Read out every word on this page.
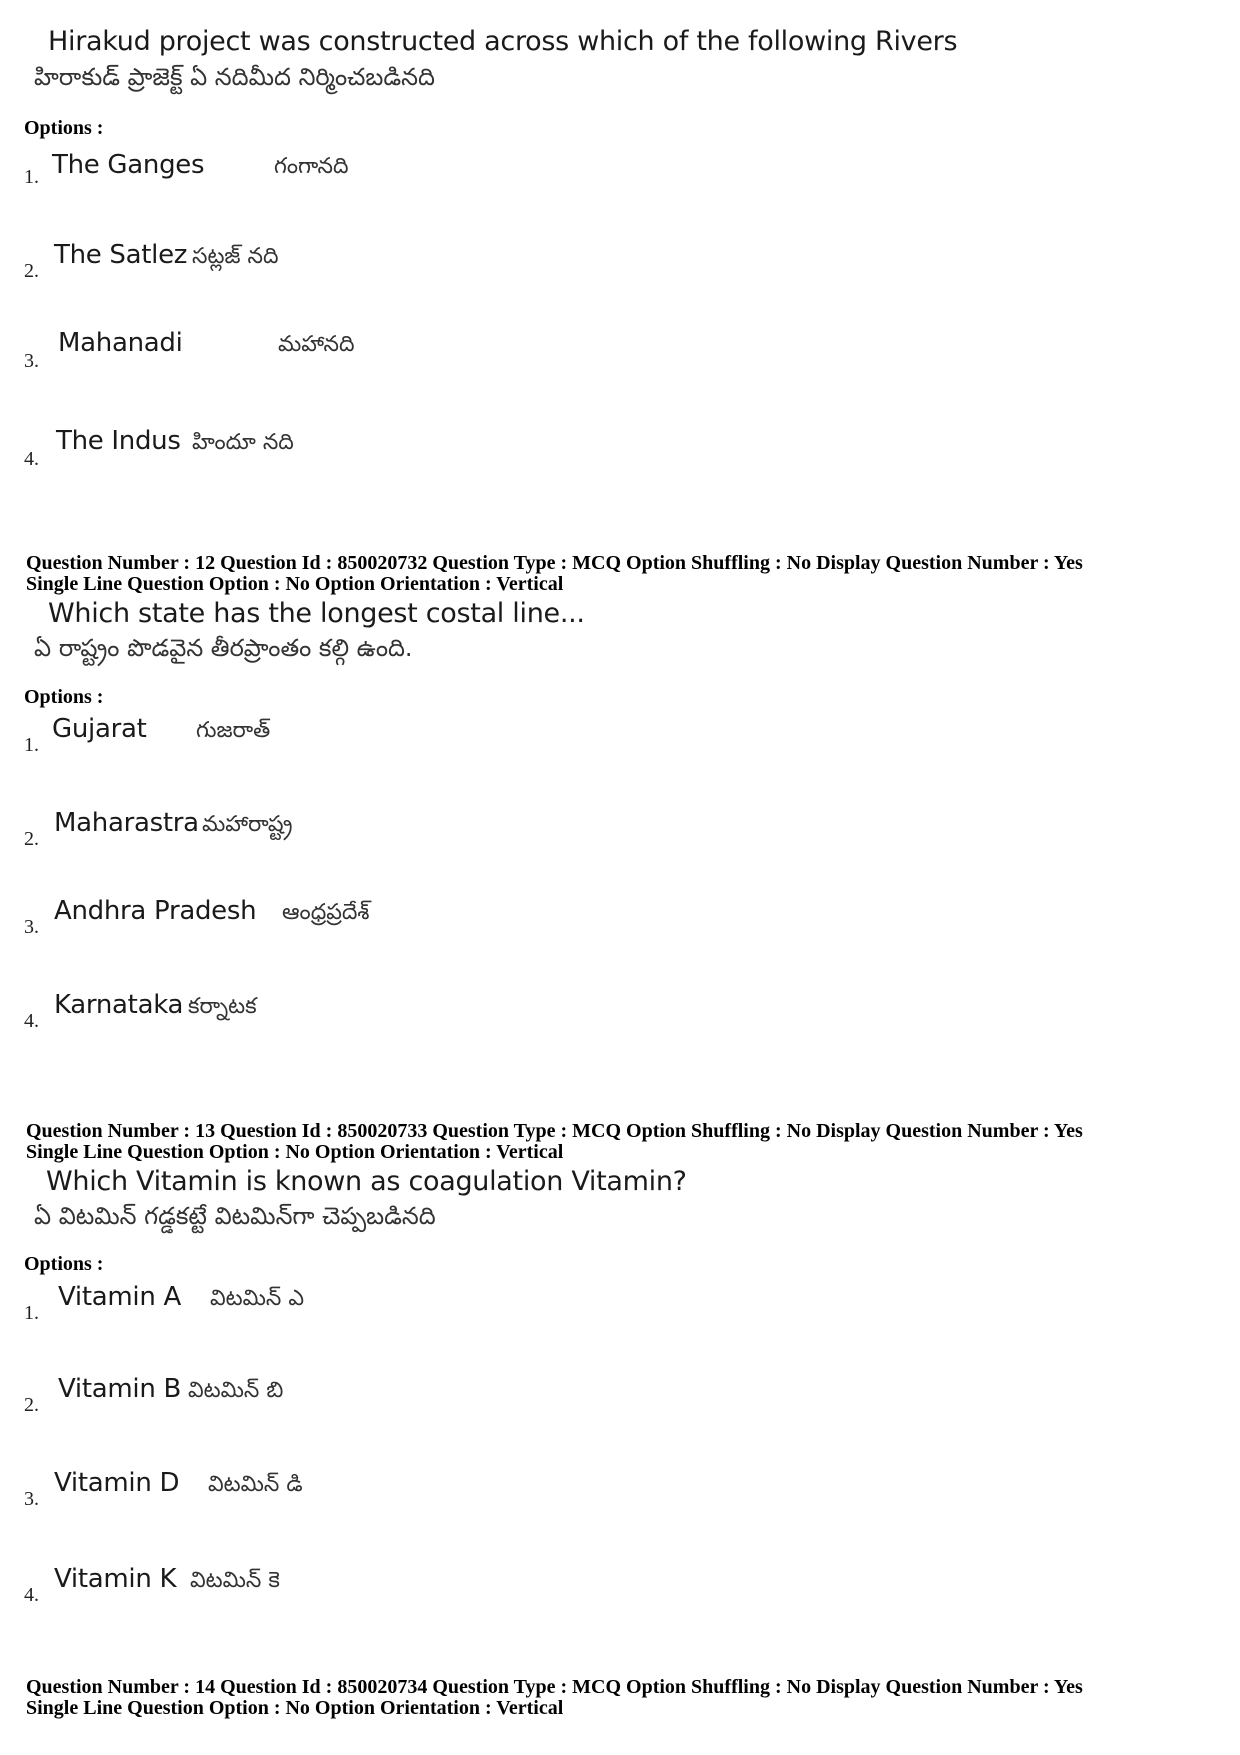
Hirakud project was constructed across which of the following Rivers
హిరాకుడ్ ప్రాజెక్ట్ ఏ నదిమీద నిర్మించబడినది
Options :
1. The Ganges	గంగానది
2.
The Satlez సట్లజ్ నది
3.
Mahanadi	మహానది
4.
The Indus హిందూ నది
Question Number : 12 Question Id : 850020732 Question Type : MCQ Option Shuffling : No Display Question Number : Yes
Single Line Question Option : No Option Orientation : Vertical
Which state has the longest costal line...
ఏ రాష్ట్రం పొడవైన తీరప్రాంతం కల్గి ఉంది.
Options :
1.
Gujarat గుజరాత్
2.
Maharastra మహారాష్ట్ర
3.
Andhra Pradesh ఆంధ్రప్రదేశ్
4.
Karnataka కర్నాటక
Question Number : 13 Question Id : 850020733 Question Type : MCQ Option Shuffling : No Display Question Number : Yes
Single Line Question Option : No Option Orientation : Vertical
Which Vitamin is known as coagulation Vitamin?
ఏ విటమిన్ గడ్డకట్టే విటమిన్‌గా చెప్పబడినది
Options :
1.
Vitamin A విటమిన్ ఎ
2.
Vitamin B విటమిన్ బి
3.
Vitamin D విటమిన్ డి
4.
Vitamin K విటమిన్ కె
Question Number : 14 Question Id : 850020734 Question Type : MCQ Option Shuffling : No Display Question Number : Yes
Single Line Question Option : No Option Orientation : Vertical
